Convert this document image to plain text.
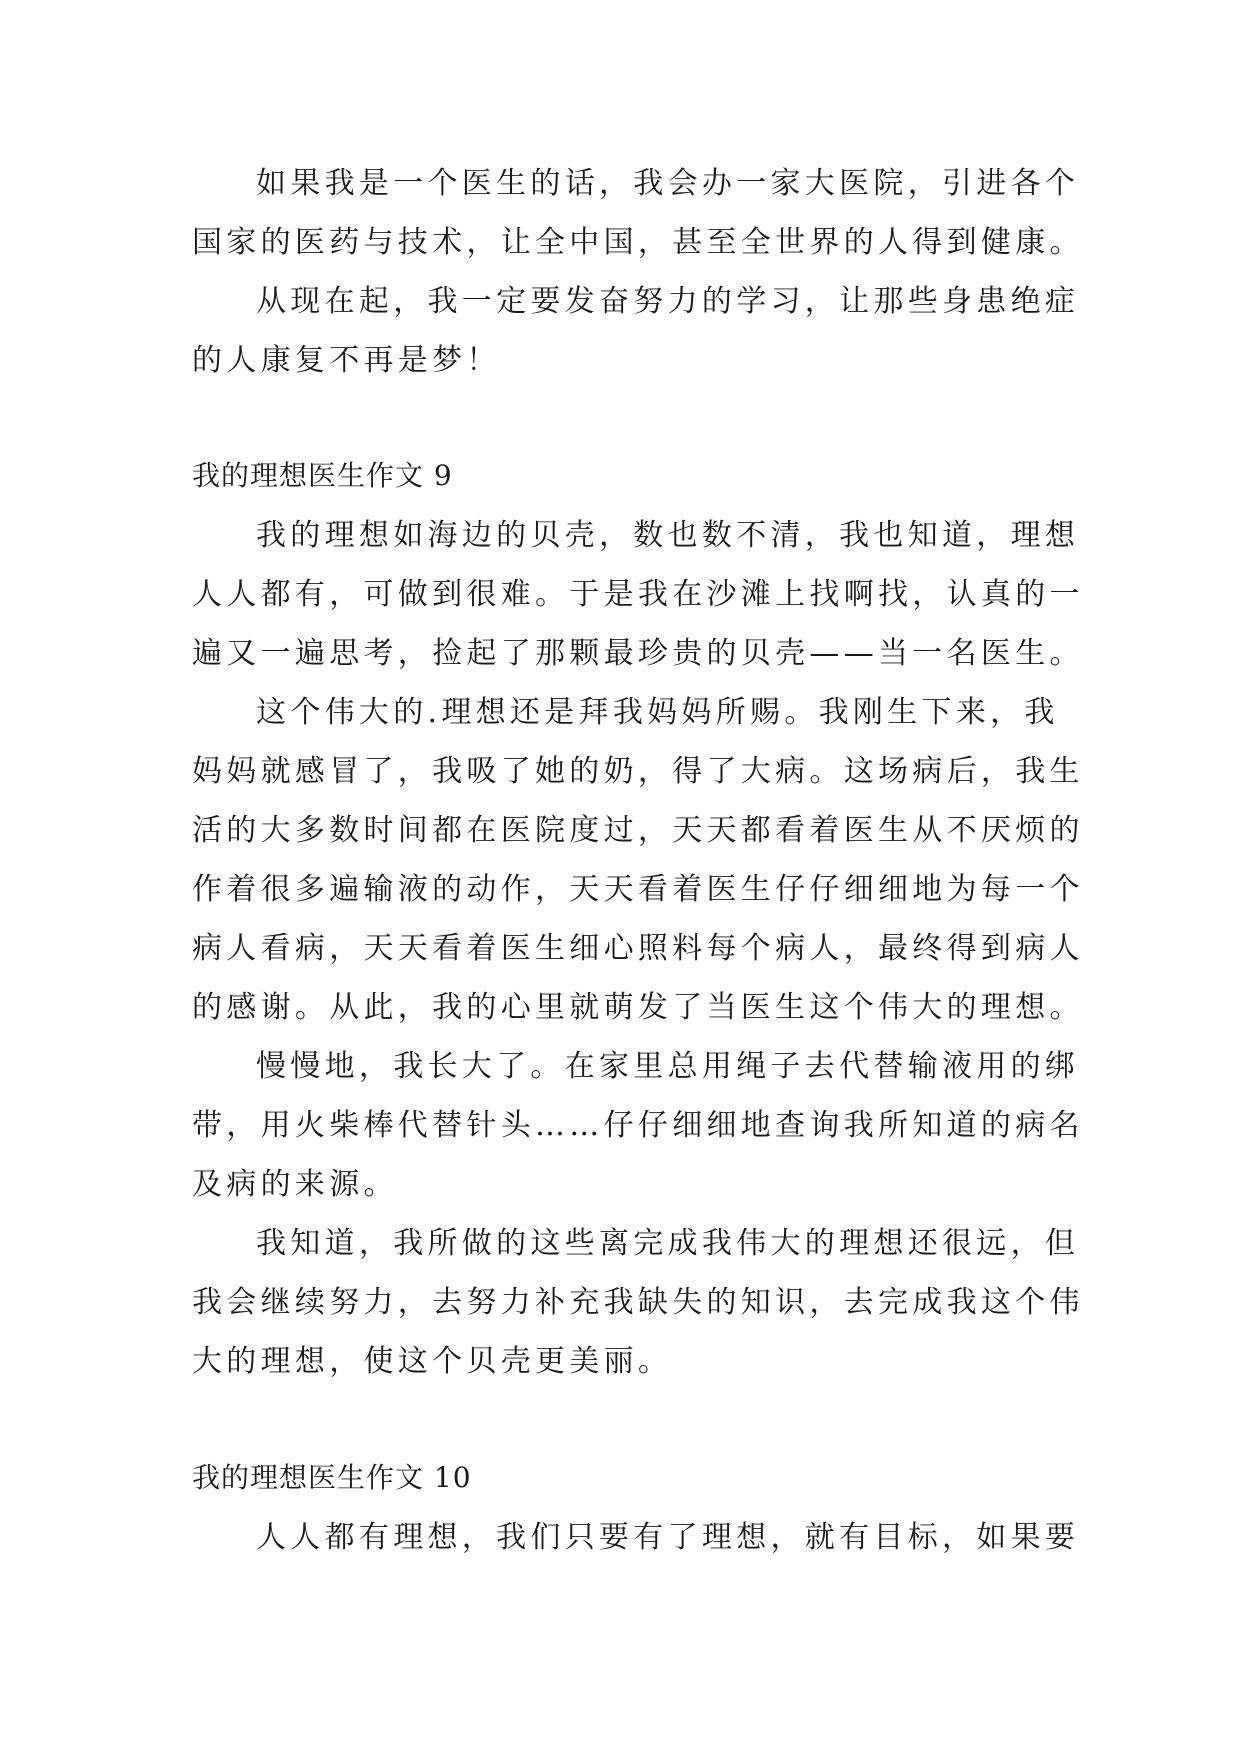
如果我是一个医生的话，我会办一家大医院，引进各个
国家的医药与技术，让全中国，甚至全世界的人得到健康。
从现在起，我一定要发奋努力的学习，让那些身患绝症
的人康复不再是梦！
我的理想医生作文 9
我的理想如海边的贝壳，数也数不清，我也知道，理想
人人都有，可做到很难。于是我在沙滩上找啊找，认真的一
遍又一遍思考，捡起了那颗最珍贵的贝壳——当一名医生。
这个伟大的.理想还是拜我妈妈所赐。我刚生下来，我
妈妈就感冒了，我吸了她的奶，得了大病。这场病后，我生
活的大多数时间都在医院度过，天天都看着医生从不厌烦的
作着很多遍输液的动作，天天看着医生仔仔细细地为每一个
病人看病，天天看着医生细心照料每个病人，最终得到病人
的感谢。从此，我的心里就萌发了当医生这个伟大的理想。
慢慢地，我长大了。在家里总用绳子去代替输液用的绑
带，用火柴棒代替针头……仔仔细细地查询我所知道的病名
及病的来源。
我知道，我所做的这些离完成我伟大的理想还很远，但
我会继续努力，去努力补充我缺失的知识，去完成我这个伟
大的理想，使这个贝壳更美丽。
我的理想医生作文 10
人人都有理想，我们只要有了理想，就有目标，如果要
